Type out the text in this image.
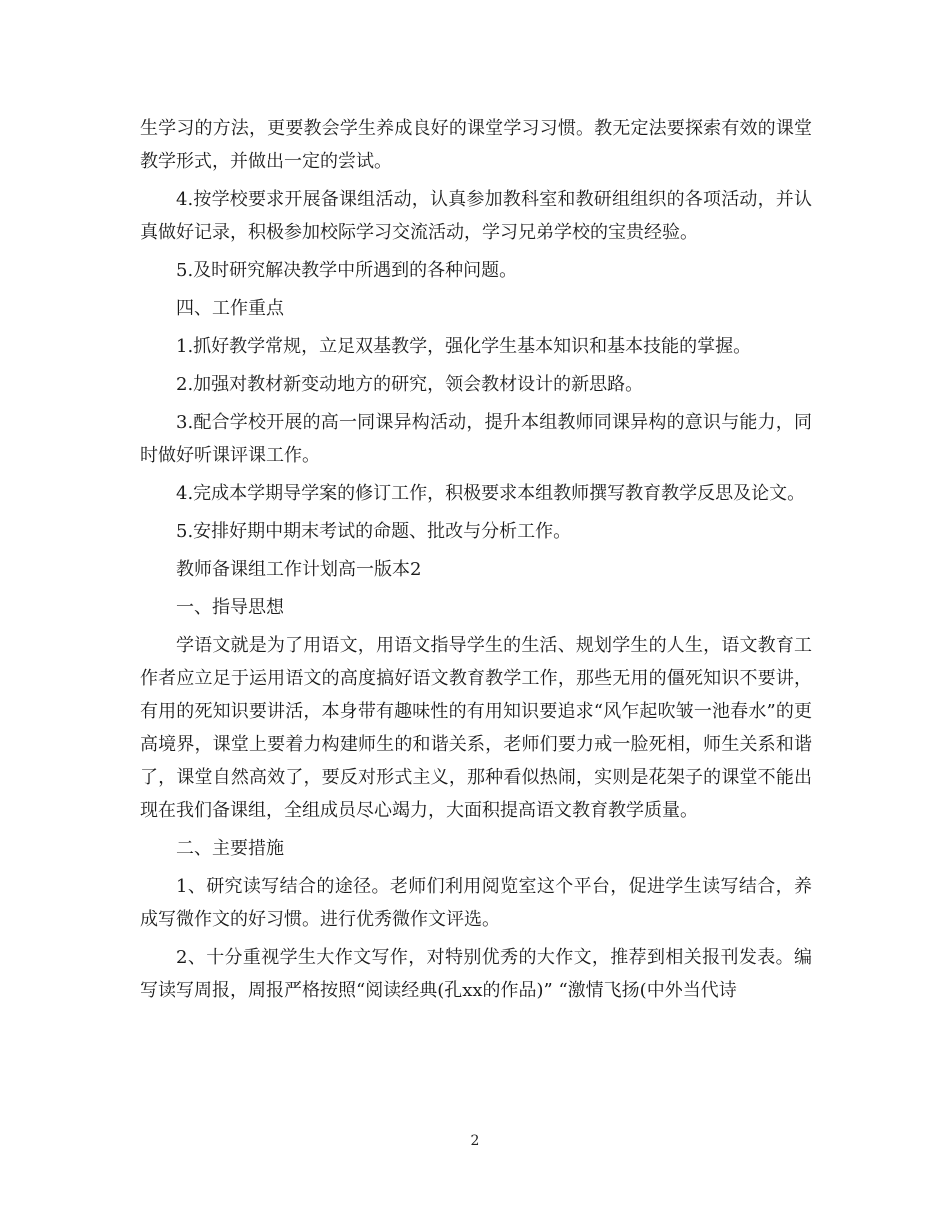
生学习的方法，更要教会学生养成良好的课堂学习习惯。教无定法要探索有效的课堂教学形式，并做出一定的尝试。

4.按学校要求开展备课组活动，认真参加教科室和教研组组织的各项活动，并认真做好记录，积极参加校际学习交流活动，学习兄弟学校的宝贵经验。

5.及时研究解决教学中所遇到的各种问题。

四、工作重点

1.抓好教学常规，立足双基教学，强化学生基本知识和基本技能的掌握。

2.加强对教材新变动地方的研究，领会教材设计的新思路。

3.配合学校开展的高一同课异构活动，提升本组教师同课异构的意识与能力，同时做好听课评课工作。

4.完成本学期导学案的修订工作，积极要求本组教师撰写教育教学反思及论文。

5.安排好期中期末考试的命题、批改与分析工作。

教师备课组工作计划高一版本2

一、指导思想

学语文就是为了用语文，用语文指导学生的生活、规划学生的人生，语文教育工作者应立足于运用语文的高度搞好语文教育教学工作，那些无用的僵死知识不要讲，有用的死知识要讲活，本身带有趣味性的有用知识要追求“风乍起吹皱一池春水”的更高境界，课堂上要着力构建师生的和谐关系，老师们要力戒一脸死相，师生关系和谐了，课堂自然高效了，要反对形式主义，那种看似热闹，实则是花架子的课堂不能出现在我们备课组，全组成员尽心竭力，大面积提高语文教育教学质量。

二、主要措施

1、研究读写结合的途径。老师们利用阅览室这个平台，促进学生读写结合，养成写微作文的好习惯。进行优秀微作文评选。

2、十分重视学生大作文写作，对特别优秀的大作文，推荐到相关报刊发表。编写读写周报，周报严格按照“阅读经典(孔xx的作品)” “激情飞扬(中外当代诗

2
